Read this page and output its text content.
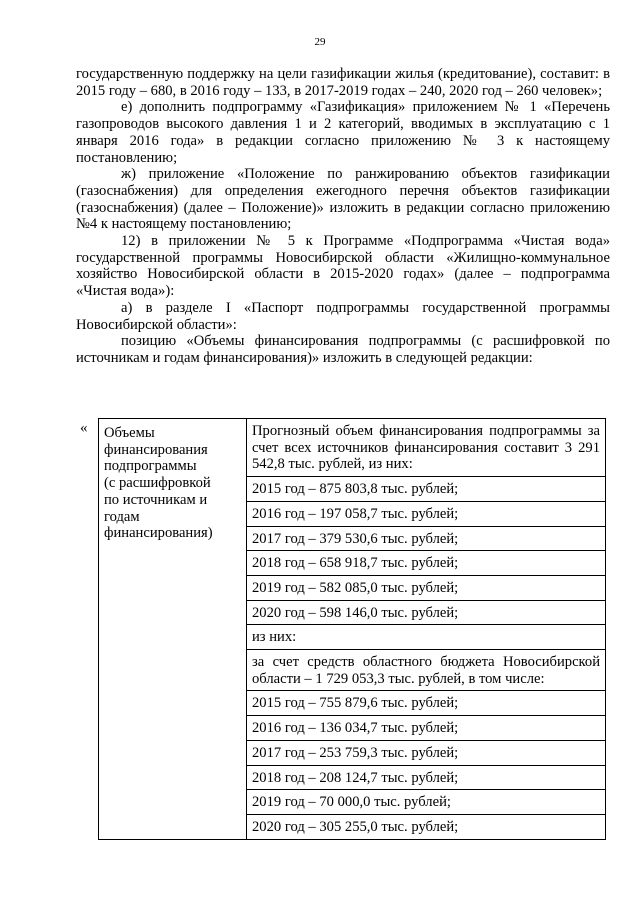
29

государственную поддержку на цели газификации жилья (кредитование), составит: в 2015 году – 680, в 2016 году – 133, в 2017-2019 годах – 240, 2020 год – 260 человек»;

е) дополнить подпрограмму «Газификация» приложением № 1 «Перечень газопроводов высокого давления 1 и 2 категорий, вводимых в эксплуатацию с 1 января 2016 года» в редакции согласно приложению № 3 к настоящему постановлению;

ж) приложение «Положение по ранжированию объектов газификации (газоснабжения) для определения ежегодного перечня объектов газификации (газоснабжения) (далее – Положение)» изложить в редакции согласно приложению №4 к настоящему постановлению;

12) в приложении № 5 к Программе «Подпрограмма «Чистая вода» государственной программы Новосибирской области «Жилищно-коммунальное хозяйство Новосибирской области в 2015-2020 годах» (далее – подпрограмма «Чистая вода»):

а) в разделе I «Паспорт подпрограммы государственной программы Новосибирской области»:

позицию «Объемы финансирования подпрограммы (с расшифровкой по источникам и годам финансирования)» изложить в следующей редакции:

« Объемы
финансирования
подпрограммы
(с расшифровкой
по источникам и
годам
финансирования)

Прогнозный объем финансирования подпрограммы за счет всех источников финансирования составит 3 291 542,8 тыс. рублей, из них:
2015 год – 875 803,8 тыс. рублей;
2016 год – 197 058,7 тыс. рублей;
2017 год – 379 530,6 тыс. рублей;
2018 год – 658 918,7 тыс. рублей;
2019 год – 582 085,0 тыс. рублей;
2020 год – 598 146,0 тыс. рублей;
из них:
за счет средств областного бюджета Новосибирской области – 1 729 053,3 тыс. рублей, в том числе:
2015 год – 755 879,6 тыс. рублей;
2016 год – 136 034,7 тыс. рублей;
2017 год – 253 759,3 тыс. рублей;
2018 год – 208 124,7 тыс. рублей;
2019 год – 70 000,0 тыс. рублей;
2020 год – 305 255,0 тыс. рублей;
